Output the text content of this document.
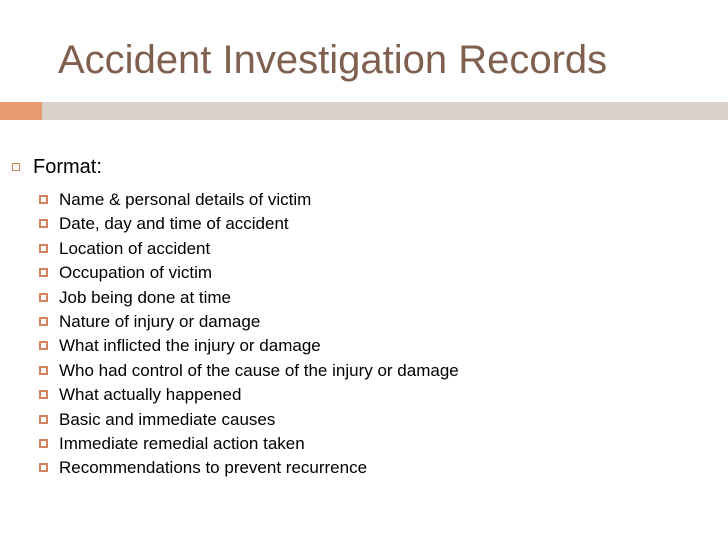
Accident Investigation Records
Format:
Name & personal details of victim
Date, day and time of accident
Location of accident
Occupation of victim
Job being done at time
Nature of injury or damage
What inflicted the injury or damage
Who had control of the cause of the injury or damage
What actually happened
Basic and immediate causes
Immediate remedial action taken
Recommendations to prevent recurrence
